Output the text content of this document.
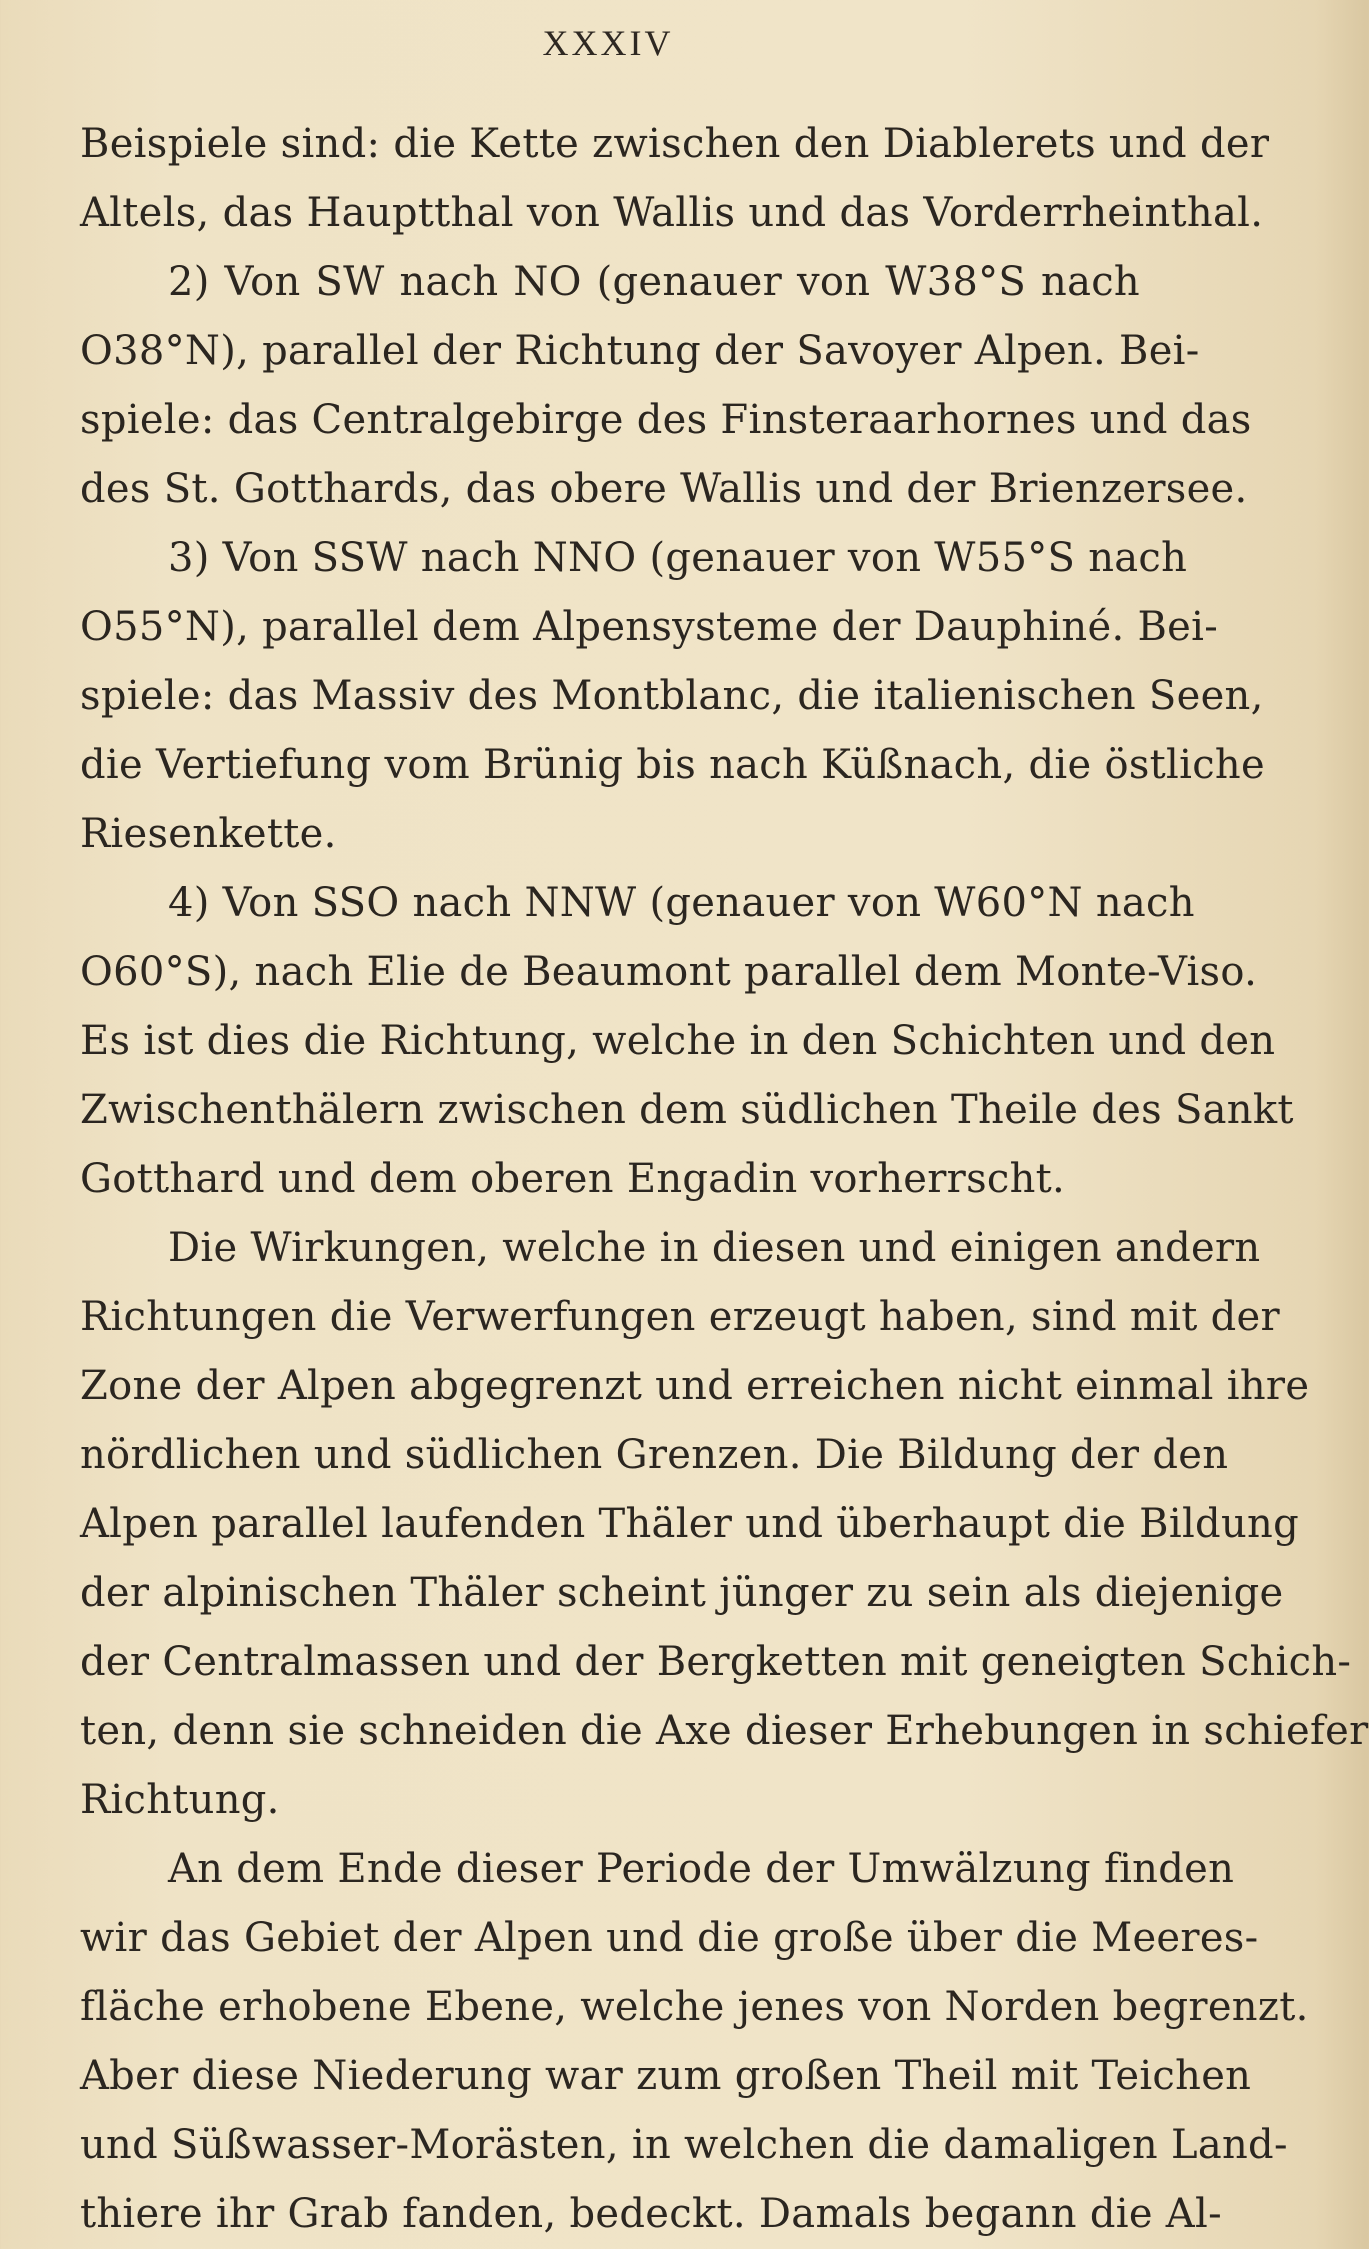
XXXIV
Beispiele sind: die Kette zwischen den Diablerets und der
Altels, das Hauptthal von Wallis und das Vorderrheinthal.
2) Von SW nach NO (genauer von W38°S nach
O38°N), parallel der Richtung der Savoyer Alpen. Bei-
spiele: das Centralgebirge des Finsteraarhornes und das
des St. Gotthards, das obere Wallis und der Brienzersee.
3) Von SSW nach NNO (genauer von W55°S nach
O55°N), parallel dem Alpensysteme der Dauphiné. Bei-
spiele: das Massiv des Montblanc, die italienischen Seen,
die Vertiefung vom Brünig bis nach Küßnach, die östliche
Riesenkette.
4) Von SSO nach NNW (genauer von W60°N nach
O60°S), nach Elie de Beaumont parallel dem Monte-Viso.
Es ist dies die Richtung, welche in den Schichten und den
Zwischenthälern zwischen dem südlichen Theile des Sankt
Gotthard und dem oberen Engadin vorherrscht.
Die Wirkungen, welche in diesen und einigen andern
Richtungen die Verwerfungen erzeugt haben, sind mit der
Zone der Alpen abgegrenzt und erreichen nicht einmal ihre
nördlichen und südlichen Grenzen. Die Bildung der den
Alpen parallel laufenden Thäler und überhaupt die Bildung
der alpinischen Thäler scheint jünger zu sein als diejenige
der Centralmassen und der Bergketten mit geneigten Schich-
ten, denn sie schneiden die Axe dieser Erhebungen in schiefer
Richtung.
An dem Ende dieser Periode der Umwälzung finden
wir das Gebiet der Alpen und die große über die Meeres-
fläche erhobene Ebene, welche jenes von Norden begrenzt.
Aber diese Niederung war zum großen Theil mit Teichen
und Süßwasser-Morästen, in welchen die damaligen Land-
thiere ihr Grab fanden, bedeckt. Damals begann die Al-
